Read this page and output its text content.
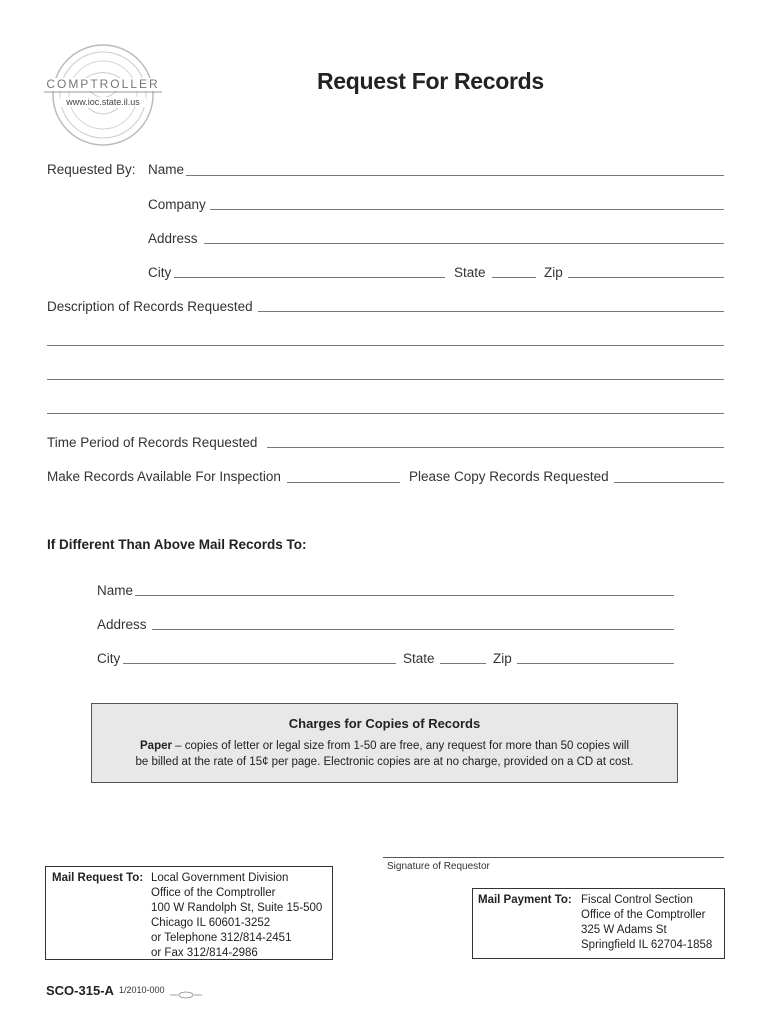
COMPTROLLER
www.ioc.state.il.us
Request For Records
Requested By: Name
Company
Address
City	State	Zip
Description of Records Requested
Time Period of Records Requested
Make Records Available For Inspection	Please Copy Records Requested
If Different Than Above Mail Records To:
Name
Address
City	State	Zip
Charges for Copies of Records
Paper – copies of letter or legal size from 1-50 are free, any request for more than 50 copies will
be billed at the rate of 15¢ per page. Electronic copies are at no charge, provided on a CD at cost.
Signature of Requestor
Mail Request To: Local Government Division
Office of the Comptroller
100 W Randolph St, Suite 15-500
Chicago IL 60601-3252
or Telephone 312/814-2451
or Fax 312/814-2986
Mail Payment To: Fiscal Control Section
Office of the Comptroller
325 W Adams St
Springfield IL 62704-1858
SCO-315-A 1/2010-000
